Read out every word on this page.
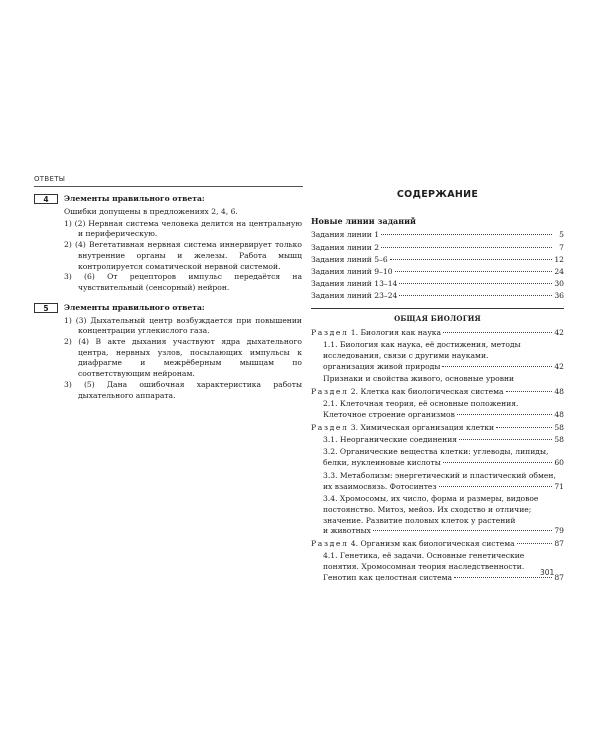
ОТВЕТЫ
4	Элементы правильного ответа:
Ошибки допущены в предложениях 2, 4, 6.
1) (2) Нервная система человека делится на центральную и периферическую.
2) (4) Вегетативная нервная система иннервирует только внутренние органы и железы. Работа мышц контролируется соматической нервной системой.
3) (6) От рецепторов импульс передаётся на чувствительный (сенсорный) нейрон.
5	Элементы правильного ответа:
1) (3) Дыхательный центр возбуждается при повышении концентрации углекислого газа.
2) (4) В акте дыхания участвуют ядра дыхательного центра, нервных узлов, посылающих импульсы к диафрагме и межрёберным мышцам по соответствующим нейронам.
3) (5) Дана ошибочная характеристика работы дыхательного аппарата.
СОДЕРЖАНИЕ
Новые линии заданий
Задания линии 1	5
Задания линии 2	7
Задания линий 5–6	12
Задания линий 9–10	24
Задания линий 13–14	30
Задания линий 23–24	36
ОБЩАЯ БИОЛОГИЯ
Раздел 1. Биология как наука	42
1.1. Биология как наука, её достижения, методы
исследования, связи с другими науками.
организация живой природы	42
Признаки и свойства живого, основные уровни
Раздел 2. Клетка как биологическая система	48
2.1. Клеточная теория, её основные положения.
Клеточное строение организмов	48
Раздел 3. Химическая организация клетки	58
3.1. Неорганические соединения	58
3.2. Органические вещества клетки: углеводы, липиды,
белки, нуклеиновые кислоты	60
3.3. Метаболизм: энергетический и пластический обмен,
их взаимосвязь. Фотосинтез	71
3.4. Хромосомы, их число, форма и размеры, видовое
постоянство. Митоз, мейоз. Их сходство и отличие;
значение. Развитие половых клеток у растений
и животных	79
Раздел 4. Организм как биологическая система	87
4.1. Генетика, её задачи. Основные генетические
понятия. Хромосомная теория наследственности.
Генотип как целостная система	87
301
